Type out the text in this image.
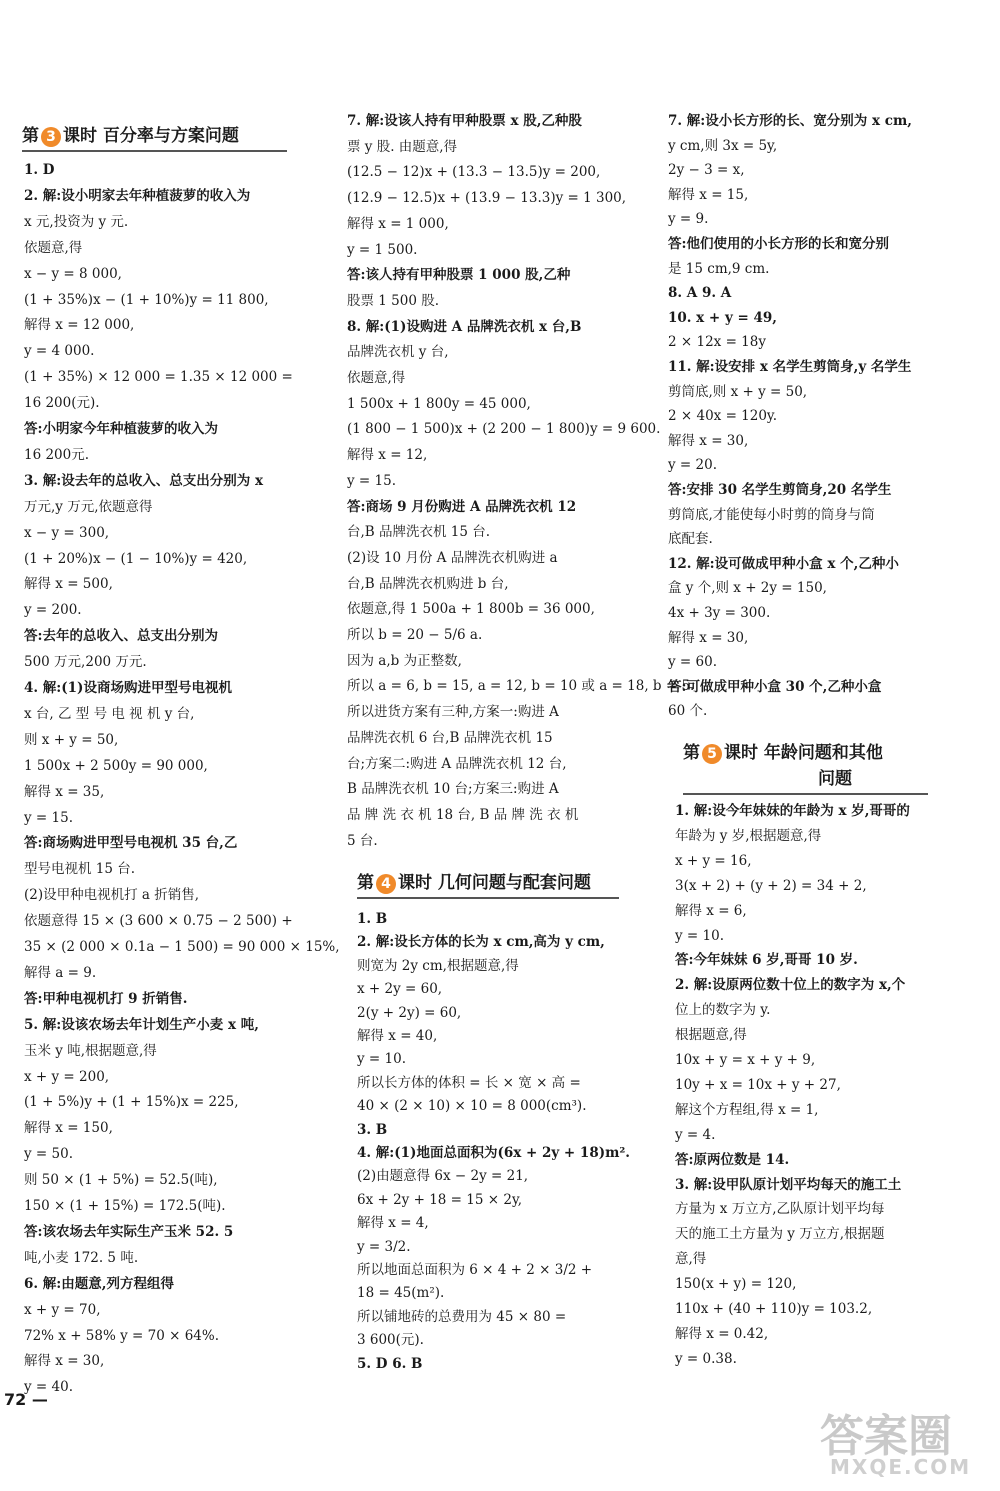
第 3 课时 百分率与方案问题
第 4 课时 几何问题与配套问题
第 5 课时 年龄问题和其他
问题
1. D
2. 解:设小明家去年种植菠萝的收入为
x 元,投资为 y 元.
依题意,得
x − y = 8 000,
(1 + 35%)x − (1 + 10%)y = 11 800,
解得 x = 12 000,
y = 4 000.
(1 + 35%) × 12 000 = 1.35 × 12 000 =
16 200(元).
答:小明家今年种植菠萝的收入为
16 200元.
3. 解:设去年的总收入、总支出分别为 x
万元,y 万元,依题意得
x − y = 300,
(1 + 20%)x − (1 − 10%)y = 420,
解得 x = 500,
y = 200.
答:去年的总收入、总支出分别为
500 万元,200 万元.
4. 解:(1)设商场购进甲型号电视机
x 台, 乙 型 号 电 视 机 y 台,
则 x + y = 50,
1 500x + 2 500y = 90 000,
解得 x = 35,
y = 15.
答:商场购进甲型号电视机 35 台,乙
型号电视机 15 台.
(2)设甲种电视机打 a 折销售,
依题意得 15 × (3 600 × 0.75 − 2 500) +
35 × (2 000 × 0.1a − 1 500) = 90 000 × 15%,
解得 a = 9.
答:甲种电视机打 9 折销售.
5. 解:设该农场去年计划生产小麦 x 吨,
玉米 y 吨,根据题意,得
x + y = 200,
(1 + 5%)y + (1 + 15%)x = 225,
解得 x = 150,
y = 50.
则 50 × (1 + 5%) = 52.5(吨),
150 × (1 + 15%) = 172.5(吨).
答:该农场去年实际生产玉米 52. 5
吨,小麦 172. 5 吨.
6. 解:由题意,列方程组得
x + y = 70,
72% x + 58% y = 70 × 64%.
解得 x = 30,
y = 40.
7. 解:设该人持有甲种股票 x 股,乙种股
票 y 股. 由题意,得
(12.5 − 12)x + (13.3 − 13.5)y = 200,
(12.9 − 12.5)x + (13.9 − 13.3)y = 1 300,
解得 x = 1 000,
y = 1 500.
答:该人持有甲种股票 1 000 股,乙种
股票 1 500 股.
8. 解:(1)设购进 A 品牌洗衣机 x 台,B
品牌洗衣机 y 台,
依题意,得
1 500x + 1 800y = 45 000,
(1 800 − 1 500)x + (2 200 − 1 800)y = 9 600.
解得 x = 12,
y = 15.
答:商场 9 月份购进 A 品牌洗衣机 12
台,B 品牌洗衣机 15 台.
(2)设 10 月份 A 品牌洗衣机购进 a
台,B 品牌洗衣机购进 b 台,
依题意,得 1 500a + 1 800b = 36 000,
所以 b = 20 − 5/6 a.
因为 a,b 为正整数,
所以 a = 6, b = 15, a = 12, b = 10 或 a = 18, b = 5.
所以进货方案有三种,方案一:购进 A
品牌洗衣机 6 台,B 品牌洗衣机 15
台;方案二:购进 A 品牌洗衣机 12 台,
B 品牌洗衣机 10 台;方案三:购进 A
品 牌 洗 衣 机 18 台, B 品 牌 洗 衣 机
5 台.
1. B
2. 解:设长方体的长为 x cm,高为 y cm,
则宽为 2y cm,根据题意,得
x + 2y = 60,
2(y + 2y) = 60,
解得 x = 40,
y = 10.
所以长方体的体积 = 长 × 宽 × 高 =
40 × (2 × 10) × 10 = 8 000(cm³).
3. B
4. 解:(1)地面总面积为(6x + 2y + 18)m².
(2)由题意得 6x − 2y = 21,
6x + 2y + 18 = 15 × 2y,
解得 x = 4,
y = 3/2.
所以地面总面积为 6 × 4 + 2 × 3/2 +
18 = 45(m²).
所以铺地砖的总费用为 45 × 80 =
3 600(元).
5. D 6. B
7. 解:设小长方形的长、宽分别为 x cm,
y cm,则 3x = 5y,
2y − 3 = x,
解得 x = 15,
y = 9.
答:他们使用的小长方形的长和宽分别
是 15 cm,9 cm.
8. A 9. A
10. x + y = 49,
2 × 12x = 18y
11. 解:设安排 x 名学生剪筒身,y 名学生
剪筒底,则 x + y = 50,
2 × 40x = 120y.
解得 x = 30,
y = 20.
答:安排 30 名学生剪筒身,20 名学生
剪筒底,才能使每小时剪的筒身与筒
底配套.
12. 解:设可做成甲种小盒 x 个,乙种小
盒 y 个,则 x + 2y = 150,
4x + 3y = 300.
解得 x = 30,
y = 60.
答:可做成甲种小盒 30 个,乙种小盒
60 个.
1. 解:设今年妹妹的年龄为 x 岁,哥哥的
年龄为 y 岁,根据题意,得
x + y = 16,
3(x + 2) + (y + 2) = 34 + 2,
解得 x = 6,
y = 10.
答:今年妹妹 6 岁,哥哥 10 岁.
2. 解:设原两位数十位上的数字为 x,个
位上的数字为 y.
根据题意,得
10x + y = x + y + 9,
10y + x = 10x + y + 27,
解这个方程组,得 x = 1,
y = 4.
答:原两位数是 14.
3. 解:设甲队原计划平均每天的施工土
方量为 x 万立方,乙队原计划平均每
天的施工土方量为 y 万立方,根据题
意,得
150(x + y) = 120,
110x + (40 + 110)y = 103.2,
解得 x = 0.42,
y = 0.38.
72 —
答案圈
MXQE.COM
